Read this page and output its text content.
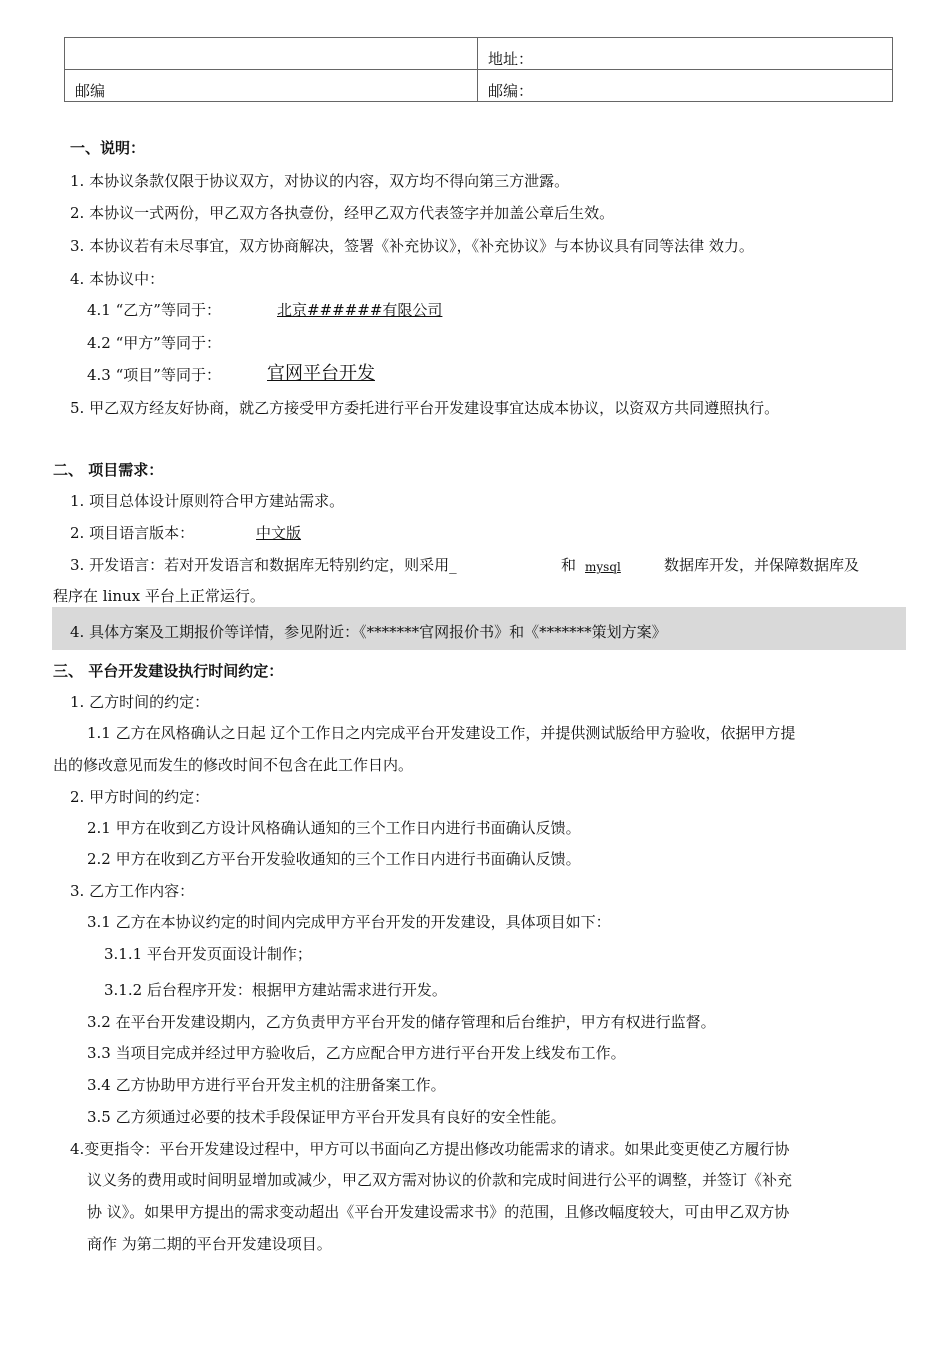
	地址：
邮编	邮编：
一、说明：
1. 本协议条款仅限于协议双方，对协议的内容，双方均不得向第三方泄露。
2. 本协议一式两份，甲乙双方各执壹份，经甲乙双方代表签字并加盖公章后生效。
3. 本协议若有未尽事宜，双方协商解决，签署《补充协议》，《补充协议》与本协议具有同等法律 效力。
4. 本协议中：
4.1 “乙方”等同于：	北京######有限公司
4.2 “甲方”等同于：
4.3 “项目”等同于：	官网平台开发
5. 甲乙双方经友好协商，就乙方接受甲方委托进行平台开发建设事宜达成本协议，以资双方共同遵照执行。
二、 项目需求：
1. 项目总体设计原则符合甲方建站需求。
2. 项目语言版本：	中文版
3. 开发语言：若对开发语言和数据库无特别约定，则采用_	和 mysql	数据库开发，并保障数据库及
程序在 linux 平台上正常运行。
4. 具体方案及工期报价等详情，参见附近：《*******官网报价书》和《*******策划方案》
三、 平台开发建设执行时间约定：
1. 乙方时间的约定：
1.1 乙方在风格确认之日起 辽个工作日之内完成平台开发建设工作，并提供测试版给甲方验收，依据甲方提
出的修改意见而发生的修改时间不包含在此工作日内。
2. 甲方时间的约定：
2.1 甲方在收到乙方设计风格确认通知的三个工作日内进行书面确认反馈。
2.2 甲方在收到乙方平台开发验收通知的三个工作日内进行书面确认反馈。
3. 乙方工作内容：
3.1 乙方在本协议约定的时间内完成甲方平台开发的开发建设，具体项目如下：
3.1.1 平台开发页面设计制作；
3.1.2 后台程序开发：根据甲方建站需求进行开发。
3.2 在平台开发建设期内，乙方负责甲方平台开发的储存管理和后台维护，甲方有权进行监督。
3.3 当项目完成并经过甲方验收后，乙方应配合甲方进行平台开发上线发布工作。
3.4 乙方协助甲方进行平台开发主机的注册备案工作。
3.5 乙方须通过必要的技术手段保证甲方平台开发具有良好的安全性能。
4.变更指令：平台开发建设过程中，甲方可以书面向乙方提出修改功能需求的请求。如果此变更使乙方履行协
议义务的费用或时间明显增加或减少，甲乙双方需对协议的价款和完成时间进行公平的调整，并签订《补充
协 议》。如果甲方提出的需求变动超出《平台开发建设需求书》的范围，且修改幅度较大，可由甲乙双方协
商作 为第二期的平台开发建设项目。
